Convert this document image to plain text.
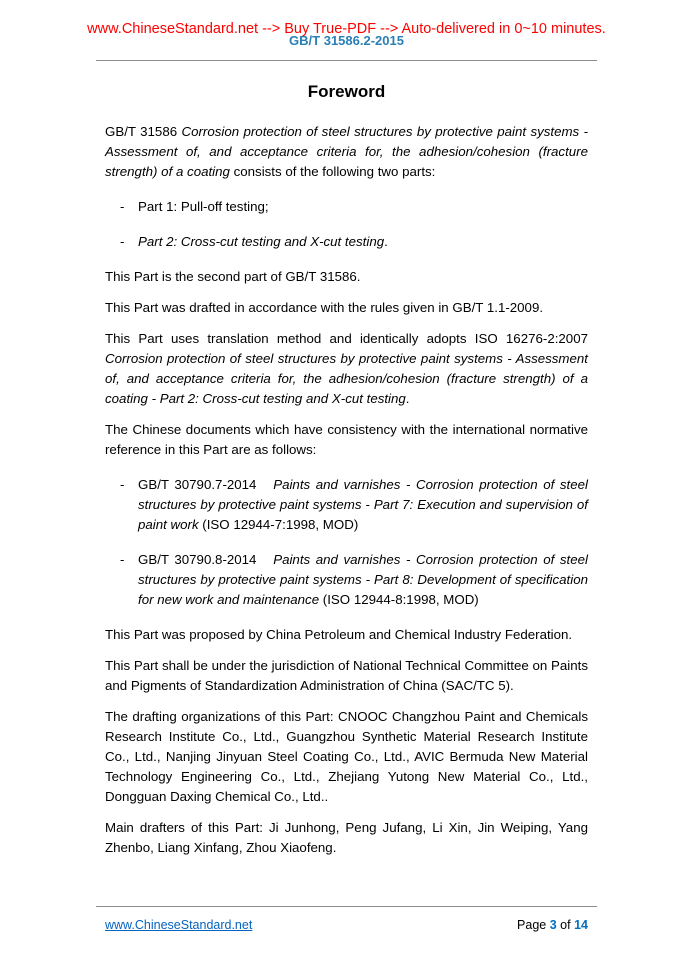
GB/T 31586.2-2015
www.ChineseStandard.net --> Buy True-PDF --> Auto-delivered in 0~10 minutes.
Foreword

GB/T 31586 Corrosion protection of steel structures by protective paint systems - Assessment of, and acceptance criteria for, the adhesion/cohesion (fracture strength) of a coating consists of the following two parts:

-	Part 1: Pull-off testing;
-	Part 2: Cross-cut testing and X-cut testing.

This Part is the second part of GB/T 31586.

This Part was drafted in accordance with the rules given in GB/T 1.1-2009.

This Part uses translation method and identically adopts ISO 16276-2:2007 Corrosion protection of steel structures by protective paint systems - Assessment of, and acceptance criteria for, the adhesion/cohesion (fracture strength) of a coating - Part 2: Cross-cut testing and X-cut testing.

The Chinese documents which have consistency with the international normative reference in this Part are as follows:

-	GB/T 30790.7-2014   Paints and varnishes - Corrosion protection of steel structures by protective paint systems - Part 7: Execution and supervision of paint work (ISO 12944-7:1998, MOD)
-	GB/T 30790.8-2014   Paints and varnishes - Corrosion protection of steel structures by protective paint systems - Part 8: Development of specification for new work and maintenance (ISO 12944-8:1998, MOD)

This Part was proposed by China Petroleum and Chemical Industry Federation.

This Part shall be under the jurisdiction of National Technical Committee on Paints and Pigments of Standardization Administration of China (SAC/TC 5).

The drafting organizations of this Part: CNOOC Changzhou Paint and Chemicals Research Institute Co., Ltd., Guangzhou Synthetic Material Research Institute Co., Ltd., Nanjing Jinyuan Steel Coating Co., Ltd., AVIC Bermuda New Material Technology Engineering Co., Ltd., Zhejiang Yutong New Material Co., Ltd., Dongguan Daxing Chemical Co., Ltd..

Main drafters of this Part: Ji Junhong, Peng Jufang, Li Xin, Jin Weiping, Yang Zhenbo, Liang Xinfang, Zhou Xiaofeng.

www.ChineseStandard.net	Page 3 of 14
